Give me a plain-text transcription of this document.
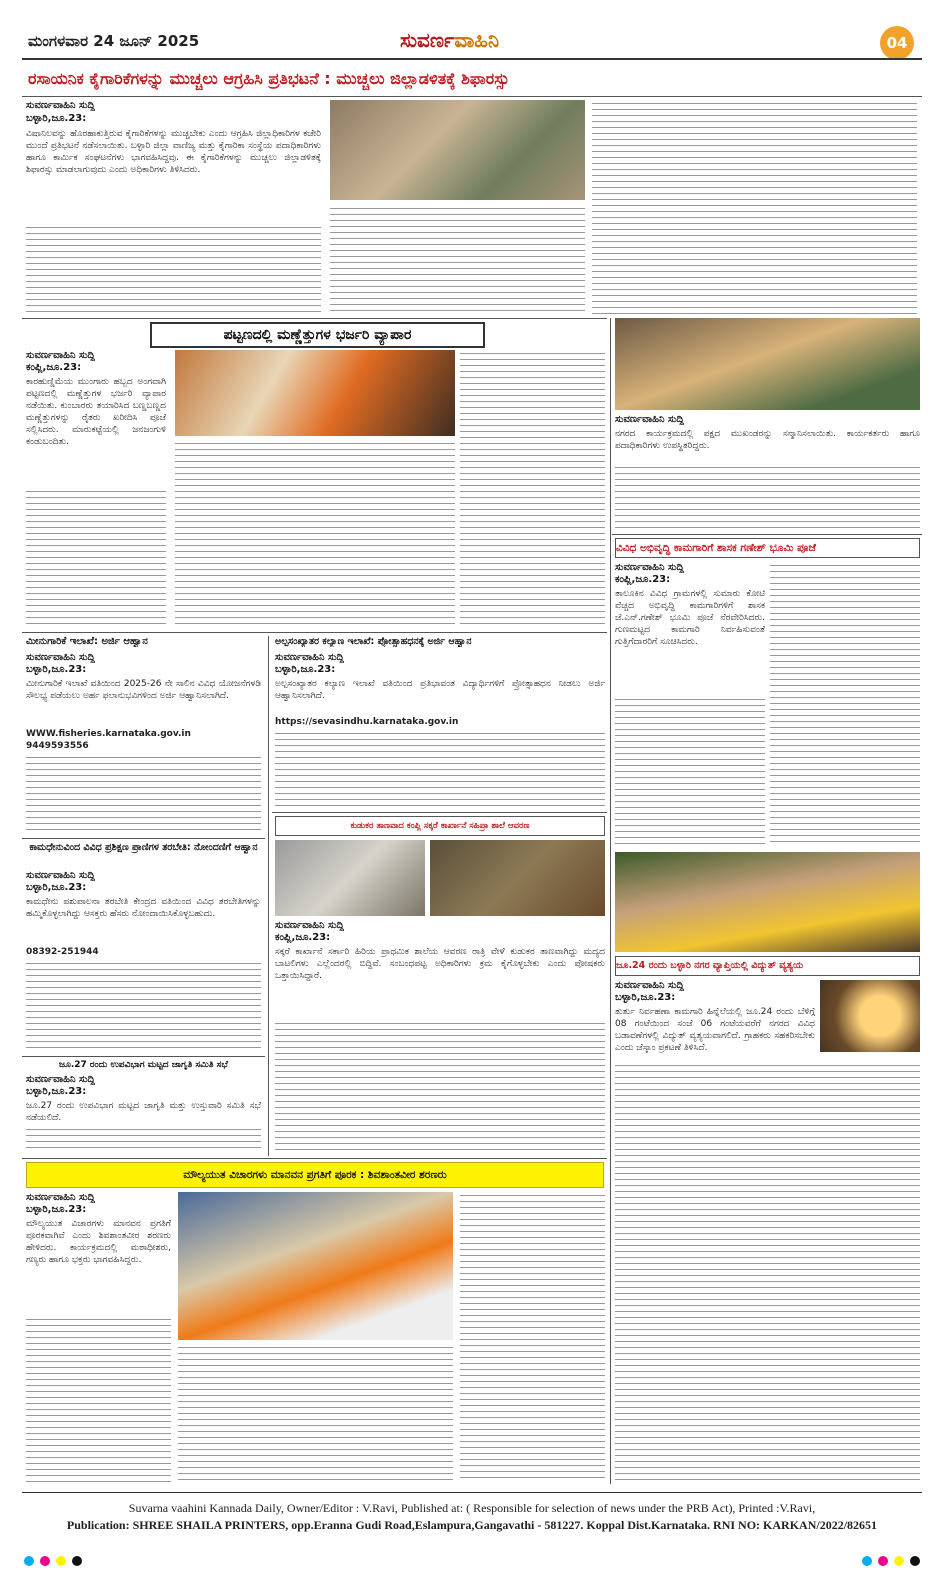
ಮಂಗಳವಾರ 24 ಜೂನ್ 2025	ಸುವರ್ಣವಾಹಿನಿ	04
ರಸಾಯನಿಕ ಕೈಗಾರಿಕೆಗಳನ್ನು ಮುಚ್ಚಲು ಆಗ್ರಹಿಸಿ ಪ್ರತಿಭಟನೆ : ಮುಚ್ಚಲು ಜಿಲ್ಲಾಡಳಿತಕ್ಕೆ ಶಿಫಾರಸ್ಸು
ಸುವರ್ಣವಾಹಿನಿ ಸುದ್ದಿ
ಬಳ್ಳಾರಿ,ಜೂ.23:
ವಿಷಾನಿಲವನ್ನು ಹೊರಹಾಕುತ್ತಿರುವ ಕೈಗಾರಿಕೆಗಳನ್ನು ಮುಚ್ಚಬೇಕು ಎಂದು ಆಗ್ರಹಿಸಿ ಜಿಲ್ಲಾಧಿಕಾರಿಗಳ ಕಚೇರಿ ಮುಂದೆ ಪ್ರತಿಭಟನೆ ನಡೆಸಲಾಯಿತು. ಬಳ್ಳಾರಿ ಜಿಲ್ಲಾ ವಾಣಿಜ್ಯ ಮತ್ತು ಕೈಗಾರಿಕಾ ಸಂಸ್ಥೆಯ ಪದಾಧಿಕಾರಿಗಳು ಹಾಗೂ ಕಾರ್ಮಿಕ ಸಂಘಟನೆಗಳು ಭಾಗವಹಿಸಿದ್ದವು. ಈ ಕೈಗಾರಿಕೆಗಳನ್ನು ಮುಚ್ಚಲು ಜಿಲ್ಲಾಡಳಿತಕ್ಕೆ ಶಿಫಾರಸ್ಸು ಮಾಡಲಾಗುವುದು ಎಂದು ಅಧಿಕಾರಿಗಳು ತಿಳಿಸಿದರು.
ಪಟ್ಟಣದಲ್ಲಿ ಮಣ್ಣೆತ್ತುಗಳ ಭರ್ಜರಿ ವ್ಯಾಪಾರ
ಸುವರ್ಣವಾಹಿನಿ ಸುದ್ದಿ
ಕಂಪ್ಲಿ,ಜೂ.23:
ಕಾರಹುಣ್ಣಿಮೆಯ ಮುಂಗಾರು ಹಬ್ಬದ ಅಂಗವಾಗಿ ಪಟ್ಟಣದಲ್ಲಿ ಮಣ್ಣೆತ್ತುಗಳ ಭರ್ಜರಿ ವ್ಯಾಪಾರ ನಡೆಯಿತು. ಕುಂಬಾರರು ತಯಾರಿಸಿದ ಬಣ್ಣಬಣ್ಣದ ಮಣ್ಣೆತ್ತುಗಳನ್ನು ರೈತರು ಖರೀದಿಸಿ ಪೂಜೆ ಸಲ್ಲಿಸಿದರು. ಮಾರುಕಟ್ಟೆಯಲ್ಲಿ ಜನಜಂಗುಳಿ ಕಂಡುಬಂದಿತು.
ಸುವರ್ಣವಾಹಿನಿ ಸುದ್ದಿ
ನಗರದ ಕಾರ್ಯಕ್ರಮದಲ್ಲಿ ಪಕ್ಷದ ಮುಖಂಡರನ್ನು ಸನ್ಮಾನಿಸಲಾಯಿತು. ಕಾರ್ಯಕರ್ತರು ಹಾಗೂ ಪದಾಧಿಕಾರಿಗಳು ಉಪಸ್ಥಿತರಿದ್ದರು.
ವಿವಿಧ ಅಭಿವೃದ್ಧಿ ಕಾಮಗಾರಿಗೆ ಶಾಸಕ ಗಣೇಶ್ ಭೂಮಿ ಪೂಜೆ
ಸುವರ್ಣವಾಹಿನಿ ಸುದ್ದಿ
ಕಂಪ್ಲಿ,ಜೂ.23:
ತಾಲೂಕಿನ ವಿವಿಧ ಗ್ರಾಮಗಳಲ್ಲಿ ಸುಮಾರು ಕೋಟಿ ವೆಚ್ಚದ ಅಭಿವೃದ್ಧಿ ಕಾಮಗಾರಿಗಳಿಗೆ ಶಾಸಕ ಜೆ.ಎನ್.ಗಣೇಶ್ ಭೂಮಿ ಪೂಜೆ ನೆರವೇರಿಸಿದರು. ಗುಣಮಟ್ಟದ ಕಾಮಗಾರಿ ನಿರ್ವಹಿಸುವಂತೆ ಗುತ್ತಿಗೆದಾರರಿಗೆ ಸೂಚಿಸಿದರು.
ಮೀನುಗಾರಿಕೆ ಇಲಾಖೆ: ಅರ್ಜಿ ಆಹ್ವಾನ
ಸುವರ್ಣವಾಹಿನಿ ಸುದ್ದಿ
ಬಳ್ಳಾರಿ,ಜೂ.23:
ಮೀನುಗಾರಿಕೆ ಇಲಾಖೆ ವತಿಯಿಂದ 2025-26 ನೇ ಸಾಲಿನ ವಿವಿಧ ಯೋಜನೆಗಳಡಿ ಸೌಲಭ್ಯ ಪಡೆಯಲು ಅರ್ಹ ಫಲಾನುಭವಿಗಳಿಂದ ಅರ್ಜಿ ಆಹ್ವಾನಿಸಲಾಗಿದೆ.
WWW.fisheries.karnataka.gov.in
9449593556
ಕಾಮಧೇನುವಿಂದ ವಿವಿಧ ಪ್ರಶಿಕ್ಷಣ ಪ್ರಾಣಿಗಳ ತರಬೇತಿ: ನೋಂದಣಿಗೆ ಆಹ್ವಾನ
ಸುವರ್ಣವಾಹಿನಿ ಸುದ್ದಿ
ಬಳ್ಳಾರಿ,ಜೂ.23:
ಕಾಮಧೇನು ಪಶುಪಾಲನಾ ತರಬೇತಿ ಕೇಂದ್ರದ ವತಿಯಿಂದ ವಿವಿಧ ತರಬೇತಿಗಳನ್ನು ಹಮ್ಮಿಕೊಳ್ಳಲಾಗಿದ್ದು ಆಸಕ್ತರು ಹೆಸರು ನೋಂದಾಯಿಸಿಕೊಳ್ಳಬಹುದು.
08392-251944
ಜೂ.27 ರಂದು ಉಪವಿಭಾಗ ಮಟ್ಟದ ಜಾಗೃತಿ ಸಮಿತಿ ಸಭೆ
ಸುವರ್ಣವಾಹಿನಿ ಸುದ್ದಿ
ಬಳ್ಳಾರಿ,ಜೂ.23:
ಜೂ.27 ರಂದು ಉಪವಿಭಾಗ ಮಟ್ಟದ ಜಾಗೃತಿ ಮತ್ತು ಉಸ್ತುವಾರಿ ಸಮಿತಿ ಸಭೆ ನಡೆಯಲಿದೆ.
ಅಲ್ಪಸಂಖ್ಯಾತರ ಕಲ್ಯಾಣ ಇಲಾಖೆ: ಪ್ರೋತ್ಸಾಹಧನಕ್ಕೆ ಅರ್ಜಿ ಆಹ್ವಾನ
ಸುವರ್ಣವಾಹಿನಿ ಸುದ್ದಿ
ಬಳ್ಳಾರಿ,ಜೂ.23:
ಅಲ್ಪಸಂಖ್ಯಾತರ ಕಲ್ಯಾಣ ಇಲಾಖೆ ವತಿಯಿಂದ ಪ್ರತಿಭಾವಂತ ವಿದ್ಯಾರ್ಥಿಗಳಿಗೆ ಪ್ರೋತ್ಸಾಹಧನ ನೀಡಲು ಅರ್ಜಿ ಆಹ್ವಾನಿಸಲಾಗಿದೆ.
https://sevasindhu.karnataka.gov.in
ಕುಡುಕರ ತಾಣವಾದ ಕಂಪ್ಲಿ ಸಕ್ಕರೆ ಕಾರ್ಖಾನೆ ಸಹಿಪ್ರಾ ಶಾಲೆ ಆವರಣ
ಸುವರ್ಣವಾಹಿನಿ ಸುದ್ದಿ
ಕಂಪ್ಲಿ,ಜೂ.23:
ಸಕ್ಕರೆ ಕಾರ್ಖಾನೆ ಸರ್ಕಾರಿ ಹಿರಿಯ ಪ್ರಾಥಮಿಕ ಶಾಲೆಯ ಆವರಣ ರಾತ್ರಿ ವೇಳೆ ಕುಡುಕರ ತಾಣವಾಗಿದ್ದು ಮದ್ಯದ ಬಾಟಲಿಗಳು ಎಲ್ಲೆಂದರಲ್ಲಿ ಬಿದ್ದಿವೆ. ಸಂಬಂಧಪಟ್ಟ ಅಧಿಕಾರಿಗಳು ಕ್ರಮ ಕೈಗೊಳ್ಳಬೇಕು ಎಂದು ಪೋಷಕರು ಒತ್ತಾಯಿಸಿದ್ದಾರೆ.
ಜೂ.24 ರಂದು ಬಳ್ಳಾರಿ ನಗರ ವ್ಯಾಪ್ತಿಯಲ್ಲಿ ವಿದ್ಯುತ್ ವ್ಯತ್ಯಯ
ಸುವರ್ಣವಾಹಿನಿ ಸುದ್ದಿ
ಬಳ್ಳಾರಿ,ಜೂ.23:
ತುರ್ತು ನಿರ್ವಹಣಾ ಕಾಮಗಾರಿ ಹಿನ್ನೆಲೆಯಲ್ಲಿ ಜೂ.24 ರಂದು ಬೆಳಿಗ್ಗೆ 08 ಗಂಟೆಯಿಂದ ಸಂಜೆ 06 ಗಂಟೆಯವರೆಗೆ ನಗರದ ವಿವಿಧ ಬಡಾವಣೆಗಳಲ್ಲಿ ವಿದ್ಯುತ್ ವ್ಯತ್ಯಯವಾಗಲಿದೆ. ಗ್ರಾಹಕರು ಸಹಕರಿಸಬೇಕು ಎಂದು ಜೆಸ್ಕಾಂ ಪ್ರಕಟಣೆ ತಿಳಿಸಿದೆ.
ಮೌಲ್ಯಯುತ ವಿಚಾರಗಳು ಮಾನವನ ಪ್ರಗತಿಗೆ ಪೂರಕ : ಶಿವಶಾಂತವೀರ ಶರಣರು
ಸುವರ್ಣವಾಹಿನಿ ಸುದ್ದಿ
ಬಳ್ಳಾರಿ,ಜೂ.23:
ಮೌಲ್ಯಯುತ ವಿಚಾರಗಳು ಮಾನವನ ಪ್ರಗತಿಗೆ ಪೂರಕವಾಗಿವೆ ಎಂದು ಶಿವಶಾಂತವೀರ ಶರಣರು ಹೇಳಿದರು. ಕಾರ್ಯಕ್ರಮದಲ್ಲಿ ಮಠಾಧೀಶರು, ಗಣ್ಯರು ಹಾಗೂ ಭಕ್ತರು ಭಾಗವಹಿಸಿದ್ದರು.
Suvarna vaahini Kannada Daily, Owner/Editor : V.Ravi, Published at: ( Responsible for selection of news under the PRB Act), Printed :V.Ravi,
Publication: SHREE SHAILA PRINTERS, opp.Eranna Gudi Road,Eslampura,Gangavathi - 581227. Koppal Dist.Karnataka. RNI NO: KARKAN/2022/82651
